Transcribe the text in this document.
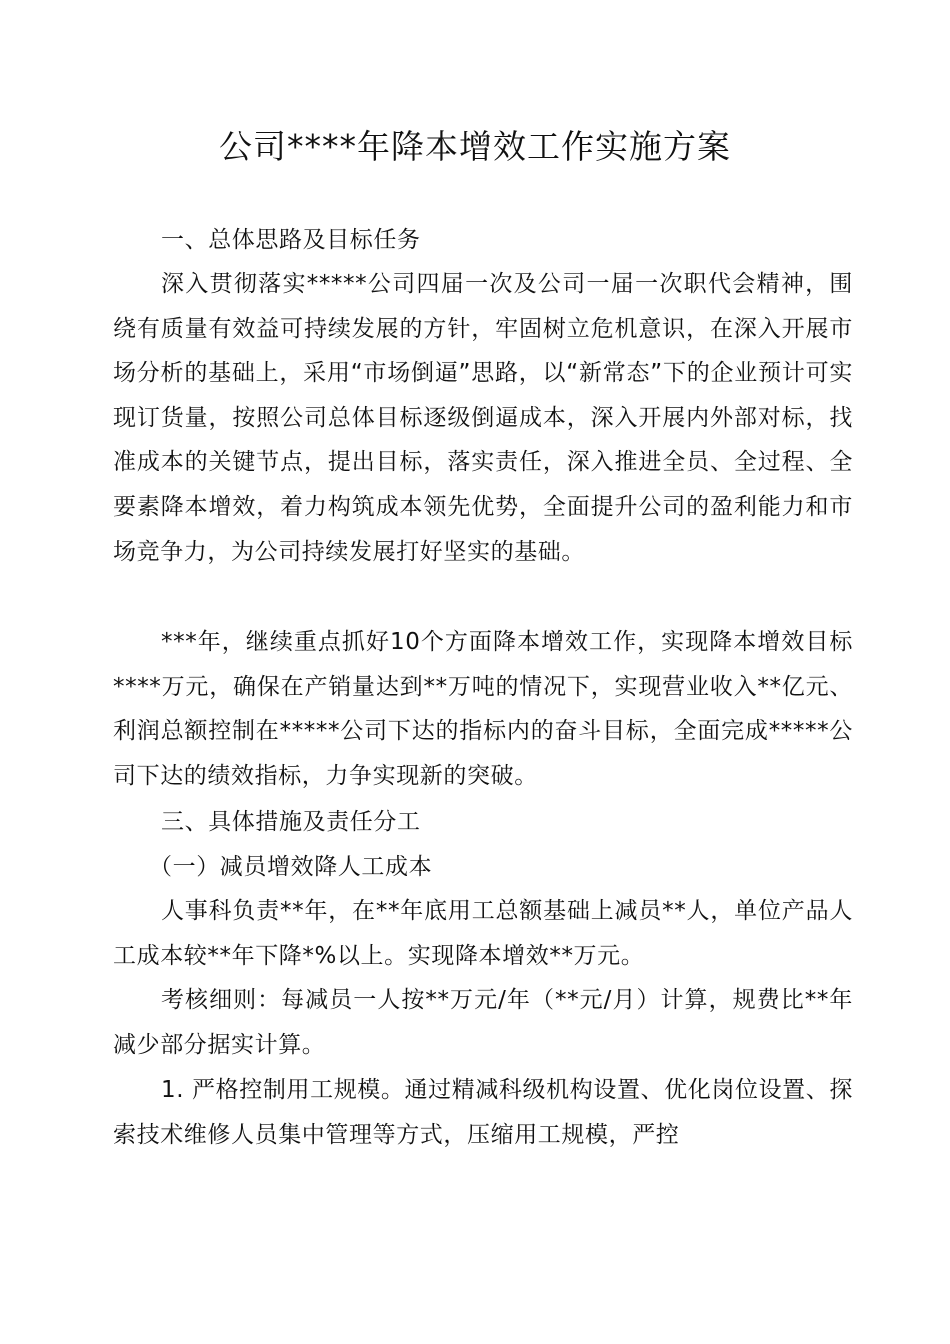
公司****年降本增效工作实施方案
一、总体思路及目标任务
深入贯彻落实*****公司四届一次及公司一届一次职代会精神，围绕有质量有效益可持续发展的方针，牢固树立危机意识，在深入开展市场分析的基础上，采用“市场倒逼”思路，以“新常态”下的企业预计可实现订货量，按照公司总体目标逐级倒逼成本，深入开展内外部对标，找准成本的关键节点，提出目标，落实责任，深入推进全员、全过程、全要素降本增效，着力构筑成本领先优势，全面提升公司的盈利能力和市场竞争力，为公司持续发展打好坚实的基础。
***年，继续重点抓好10个方面降本增效工作，实现降本增效目标****万元，确保在产销量达到**万吨的情况下，实现营业收入**亿元、利润总额控制在*****公司下达的指标内的奋斗目标，全面完成*****公司下达的绩效指标，力争实现新的突破。
三、具体措施及责任分工
（一）减员增效降人工成本
人事科负责**年，在**年底用工总额基础上减员**人，单位产品人工成本较**年下降*%以上。实现降本增效**万元。
考核细则：每减员一人按**万元/年（**元/月）计算，规费比**年减少部分据实计算。
1. 严格控制用工规模。通过精减科级机构设置、优化岗位设置、探索技术维修人员集中管理等方式，压缩用工规模，严控
